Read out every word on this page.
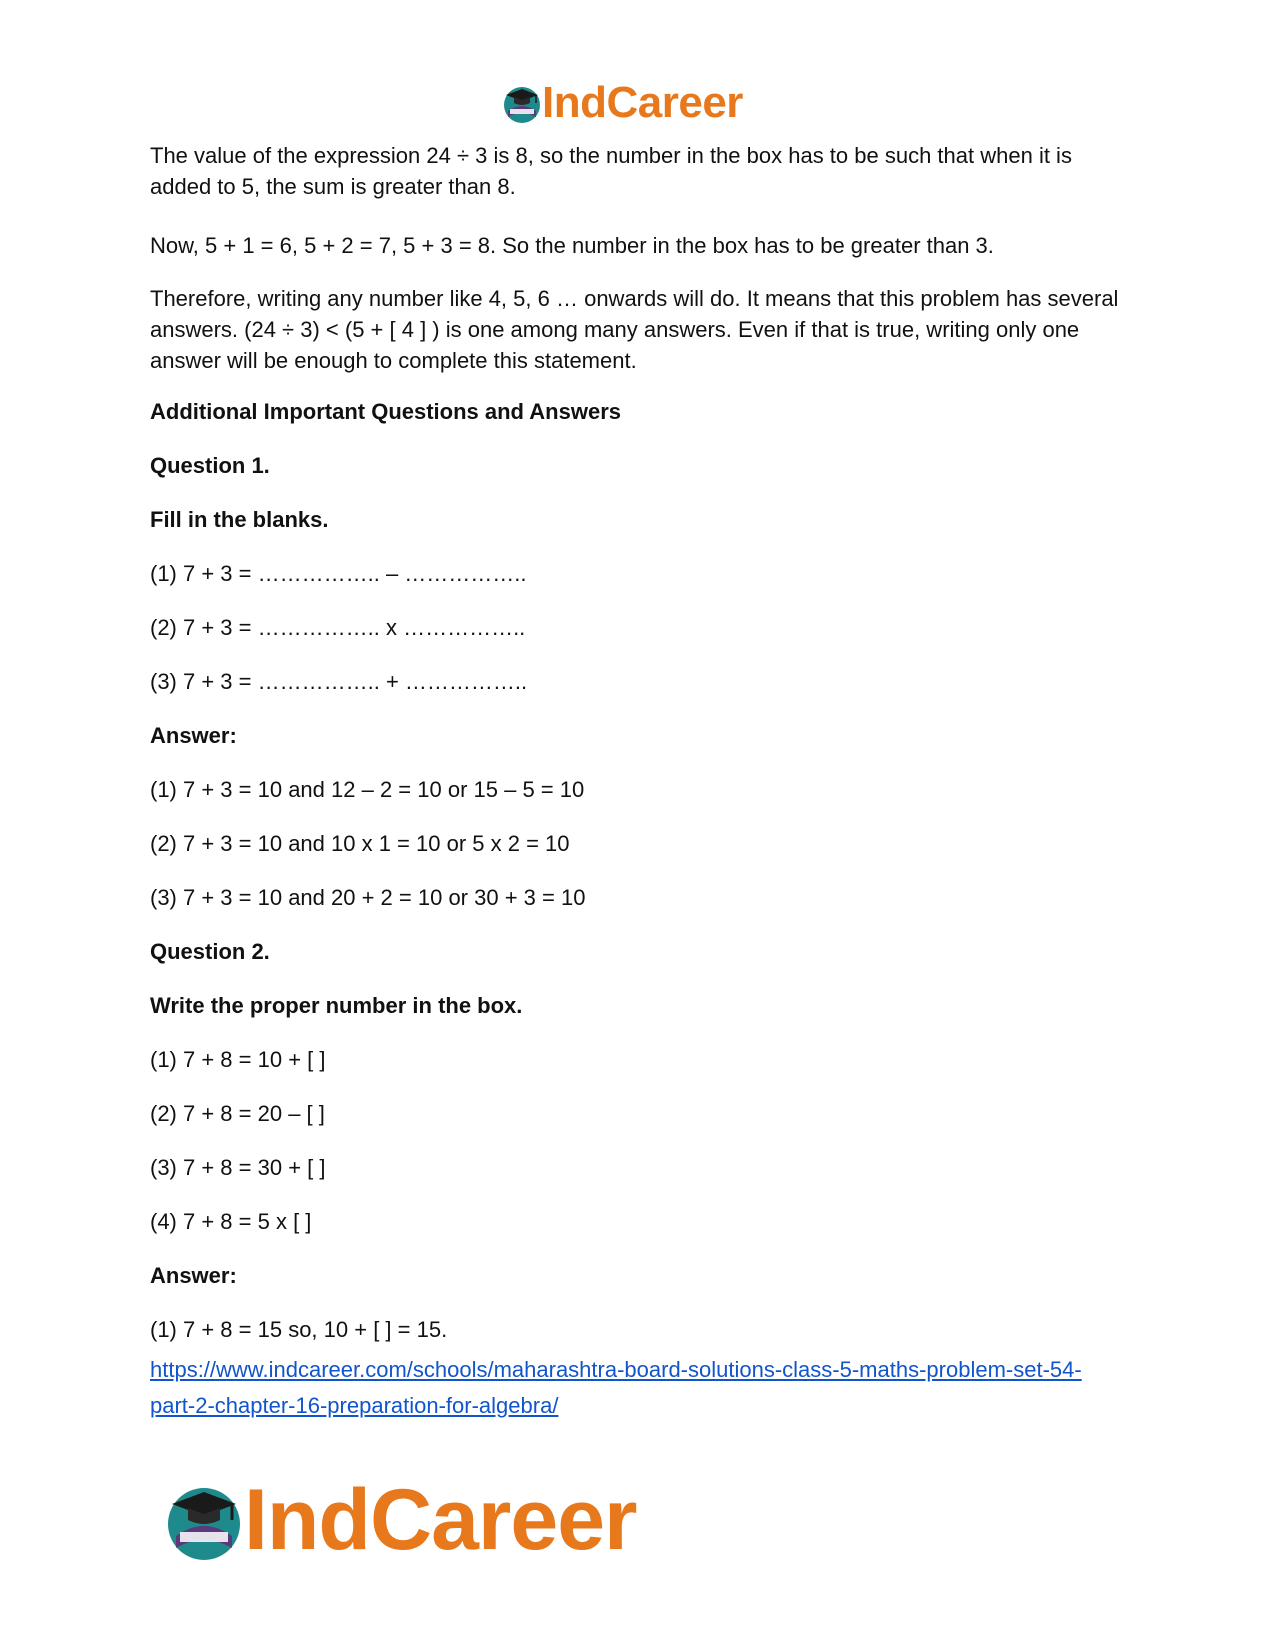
IndCareer
The value of the expression 24 ÷ 3 is 8, so the number in the box has to be such that when it is added to 5, the sum is greater than 8.
Now, 5 + 1 = 6, 5 + 2 = 7, 5 + 3 = 8. So the number in the box has to be greater than 3.
Therefore, writing any number like 4, 5, 6 … onwards will do. It means that this problem has several answers. (24 ÷ 3) < (5 + [ 4 ] ) is one among many answers. Even if that is true, writing only one answer will be enough to complete this statement.
Additional Important Questions and Answers
Question 1.
Fill in the blanks.
(1) 7 + 3 = …………….. – ……………..
(2) 7 + 3 = …………….. x ……………..
(3) 7 + 3 = …………….. + ……………..
Answer:
(1) 7 + 3 = 10 and 12 – 2 = 10 or 15 – 5 = 10
(2) 7 + 3 = 10 and 10 x 1 = 10 or 5 x 2 = 10
(3) 7 + 3 = 10 and 20 + 2 = 10 or 30 + 3 = 10
Question 2.
Write the proper number in the box.
(1) 7 + 8 = 10 + [ ]
(2) 7 + 8 = 20 – [ ]
(3) 7 + 8 = 30 + [ ]
(4) 7 + 8 = 5 x [ ]
Answer:
(1) 7 + 8 = 15 so, 10 + [ ] = 15.
https://www.indcareer.com/schools/maharashtra-board-solutions-class-5-maths-problem-set-54-
part-2-chapter-16-preparation-for-algebra/
IndCareer
